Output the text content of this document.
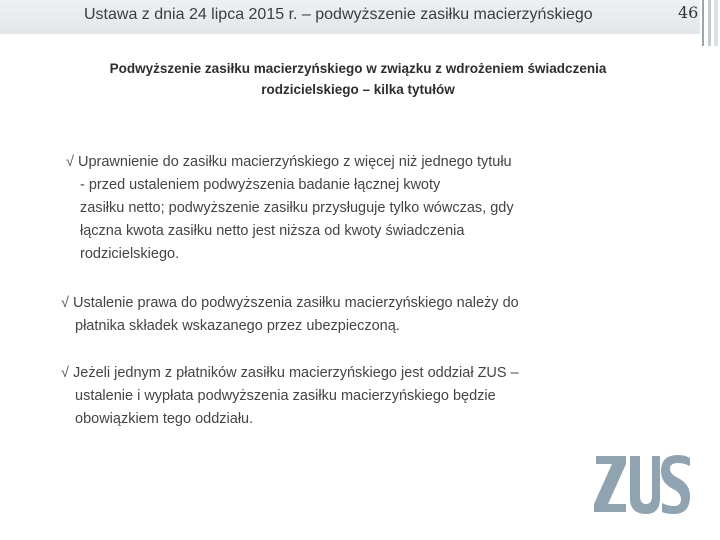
Ustawa z dnia 24 lipca 2015 r. – podwyższenie zasiłku macierzyńskiego	46
Podwyższenie zasiłku macierzyńskiego w związku z wdrożeniem świadczenia
rodzicielskiego – kilka tytułów
√ Uprawnienie do zasiłku macierzyńskiego z więcej niż jednego tytułu
- przed ustaleniem podwyższenia badanie łącznej kwoty
zasiłku netto; podwyższenie zasiłku przysługuje tylko wówczas, gdy
łączna kwota zasiłku netto jest niższa od kwoty świadczenia
rodzicielskiego.
√ Ustalenie prawa do podwyższenia zasiłku macierzyńskiego należy do
płatnika składek wskazanego przez ubezpieczoną.
√ Jeżeli jednym z płatników zasiłku macierzyńskiego jest oddział ZUS –
ustalenie i wypłata podwyższenia zasiłku macierzyńskiego będzie
obowiązkiem tego oddziału.
